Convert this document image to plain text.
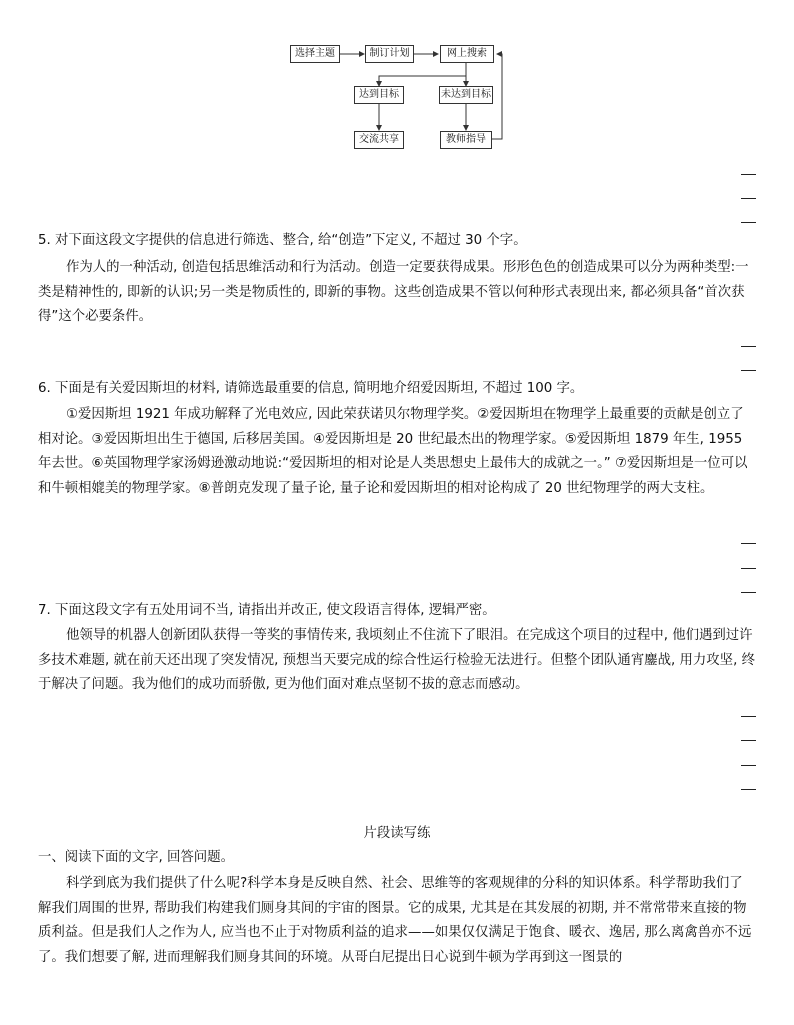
选择主题	制订计划	网上搜索
达到目标	未达到目标
交流共享	教师指导
5. 对下面这段文字提供的信息进行筛选、整合, 给“创造”下定义, 不超过 30 个字。
作为人的一种活动, 创造包括思维活动和行为活动。创造一定要获得成果。形形色色的创造成果可以分为两种类型:一类是精神性的, 即新的认识;另一类是物质性的, 即新的事物。这些创造成果不管以何种形式表现出来, 都必须具备“首次获得”这个必要条件。
6. 下面是有关爱因斯坦的材料, 请筛选最重要的信息, 简明地介绍爱因斯坦, 不超过 100 字。
①爱因斯坦 1921 年成功解释了光电效应, 因此荣获诺贝尔物理学奖。②爱因斯坦在物理学上最重要的贡献是创立了相对论。③爱因斯坦出生于德国, 后移居美国。④爱因斯坦是 20 世纪最杰出的物理学家。⑤爱因斯坦 1879 年生, 1955 年去世。⑥英国物理学家汤姆逊激动地说:“爱因斯坦的相对论是人类思想史上最伟大的成就之一。” ⑦爱因斯坦是一位可以和牛顿相媲美的物理学家。⑧普朗克发现了量子论, 量子论和爱因斯坦的相对论构成了 20 世纪物理学的两大支柱。
7. 下面这段文字有五处用词不当, 请指出并改正, 使文段语言得体, 逻辑严密。
他领导的机器人创新团队获得一等奖的事情传来, 我顷刻止不住流下了眼泪。在完成这个项目的过程中, 他们遇到过许多技术难题, 就在前天还出现了突发情况, 预想当天要完成的综合性运行检验无法进行。但整个团队通宵鏖战, 用力攻坚, 终于解决了问题。我为他们的成功而骄傲, 更为他们面对难点坚韧不拔的意志而感动。
片段读写练
一、阅读下面的文字, 回答问题。
科学到底为我们提供了什么呢?科学本身是反映自然、社会、思维等的客观规律的分科的知识体系。科学帮助我们了解我们周围的世界, 帮助我们构建我们厕身其间的宇宙的图景。它的成果, 尤其是在其发展的初期, 并不常常带来直接的物质利益。但是我们人之作为人, 应当也不止于对物质利益的追求——如果仅仅满足于饱食、暖衣、逸居, 那么离禽兽亦不远了。我们想要了解, 进而理解我们厕身其间的环境。从哥白尼提出日心说到牛顿为学再到这一图景的
